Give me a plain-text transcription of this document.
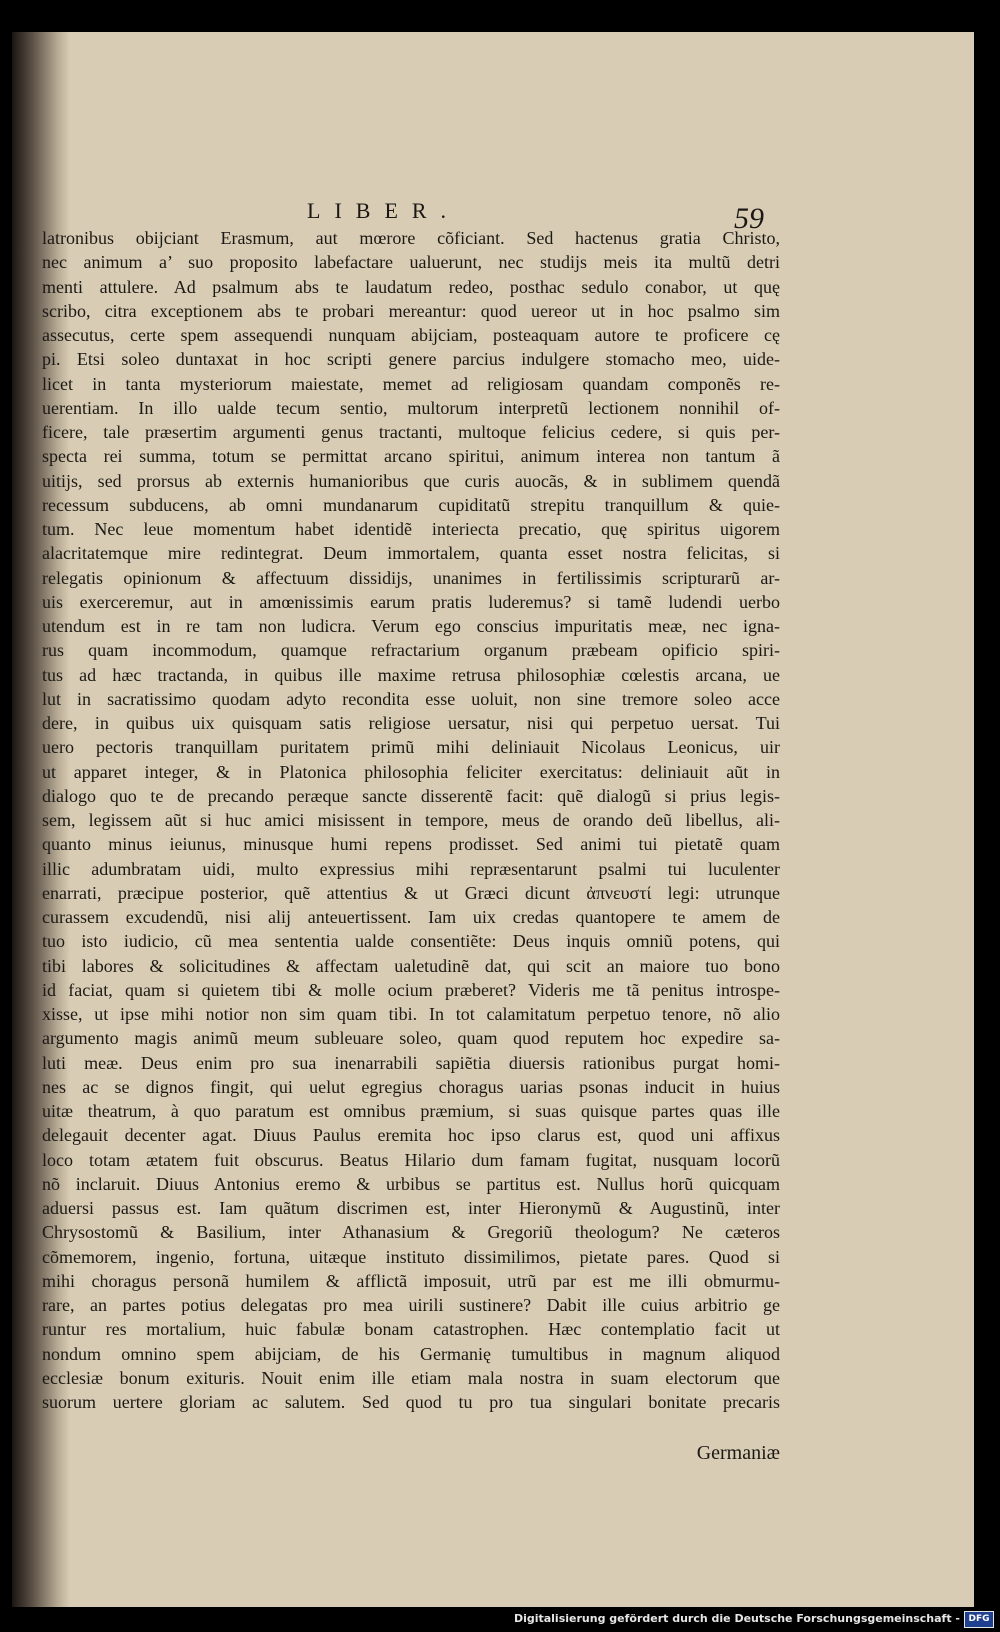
LIBER.	59
latronibus obijciant Erasmum, aut mœrore cõficiant. Sed hactenus gratia Christo,
nec animum a’ suo proposito labefactare ualuerunt, nec studijs meis ita multũ detri
menti attulere. Ad psalmum abs te laudatum redeo, posthac sedulo conabor, ut quę
scribo, citra exceptionem abs te probari mereantur: quod uereor ut in hoc psalmo sim
assecutus, certe spem assequendi nunquam abijciam, posteaquam autore te proficere cę
pi. Etsi soleo duntaxat in hoc scripti genere parcius indulgere stomacho meo, uide-
licet in tanta mysteriorum maiestate, memet ad religiosam quandam componẽs re-
uerentiam. In illo ualde tecum sentio, multorum interpretũ lectionem nonnihil of-
ficere, tale præsertim argumenti genus tractanti, multoque felicius cedere, si quis per-
specta rei summa, totum se permittat arcano spiritui, animum interea non tantum ã
uitijs, sed prorsus ab externis humanioribus que curis auocãs, & in sublimem quendã
recessum subducens, ab omni mundanarum cupiditatũ strepitu tranquillum & quie-
tum. Nec leue momentum habet identidẽ interiecta precatio, quę spiritus uigorem
alacritatemque mire redintegrat. Deum immortalem, quanta esset nostra felicitas, si
relegatis opinionum & affectuum dissidijs, unanimes in fertilissimis scripturarũ ar-
uis exerceremur, aut in amœnissimis earum pratis luderemus? si tamẽ ludendi uerbo
utendum est in re tam non ludicra. Verum ego conscius impuritatis meæ, nec igna-
rus quam incommodum, quamque refractarium organum præbeam opificio spiri-
tus ad hæc tractanda, in quibus ille maxime retrusa philosophiæ cœlestis arcana, ue
lut in sacratissimo quodam adyto recondita esse uoluit, non sine tremore soleo acce
dere, in quibus uix quisquam satis religiose uersatur, nisi qui perpetuo uersat. Tui
uero pectoris tranquillam puritatem primũ mihi deliniauit Nicolaus Leonicus, uir
ut apparet integer, & in Platonica philosophia feliciter exercitatus: deliniauit aũt in
dialogo quo te de precando peræque sancte disserentẽ facit: quẽ dialogũ si prius legis-
sem, legissem aũt si huc amici misissent in tempore, meus de orando deũ libellus, ali-
quanto minus ieiunus, minusque humi repens prodisset. Sed animi tui pietatẽ quam
illic adumbratam uidi, multo expressius mihi repræsentarunt psalmi tui luculenter
enarrati, præcipue posterior, quẽ attentius & ut Græci dicunt ἀπνευστί legi: utrunque
curassem excudendũ, nisi alij anteuertissent. Iam uix credas quantopere te amem de
tuo isto iudicio, cũ mea sententia ualde consentiẽte: Deus inquis omniũ potens, qui
tibi labores & solicitudines & affectam ualetudinẽ dat, qui scit an maiore tuo bono
id faciat, quam si quietem tibi & molle ocium præberet? Videris me tã penitus introspe-
xisse, ut ipse mihi notior non sim quam tibi. In tot calamitatum perpetuo tenore, nõ alio
argumento magis animũ meum subleuare soleo, quam quod reputem hoc expedire sa-
luti meæ. Deus enim pro sua inenarrabili sapiẽtia diuersis rationibus purgat homi-
nes ac se dignos fingit, qui uelut egregius choragus uarias psonas inducit in huius
uitæ theatrum, à quo paratum est omnibus præmium, si suas quisque partes quas ille
delegauit decenter agat. Diuus Paulus eremita hoc ipso clarus est, quod uni affixus
loco totam ætatem fuit obscurus. Beatus Hilario dum famam fugitat, nusquam locorũ
nõ inclaruit. Diuus Antonius eremo & urbibus se partitus est. Nullus horũ quicquam
aduersi passus est. Iam quãtum discrimen est, inter Hieronymũ & Augustinũ, inter
Chrysostomũ & Basilium, inter Athanasium & Gregoriũ theologum? Ne cæteros
cõmemorem, ingenio, fortuna, uitæque instituto dissimilimos, pietate pares. Quod si
mihi choragus personã humilem & afflictã imposuit, utrũ par est me illi obmurmu-
rare, an partes potius delegatas pro mea uirili sustinere? Dabit ille cuius arbitrio ge
runtur res mortalium, huic fabulæ bonam catastrophen. Hæc contemplatio facit ut
nondum omnino spem abijciam, de his Germanię tumultibus in magnum aliquod
ecclesiæ bonum exituris. Nouit enim ille etiam mala nostra in suam electorum que
suorum uertere gloriam ac salutem. Sed quod tu pro tua singulari bonitate precaris
Germaniæ
Digitalisierung gefördert durch die Deutsche Forschungsgemeinschaft - DFG
